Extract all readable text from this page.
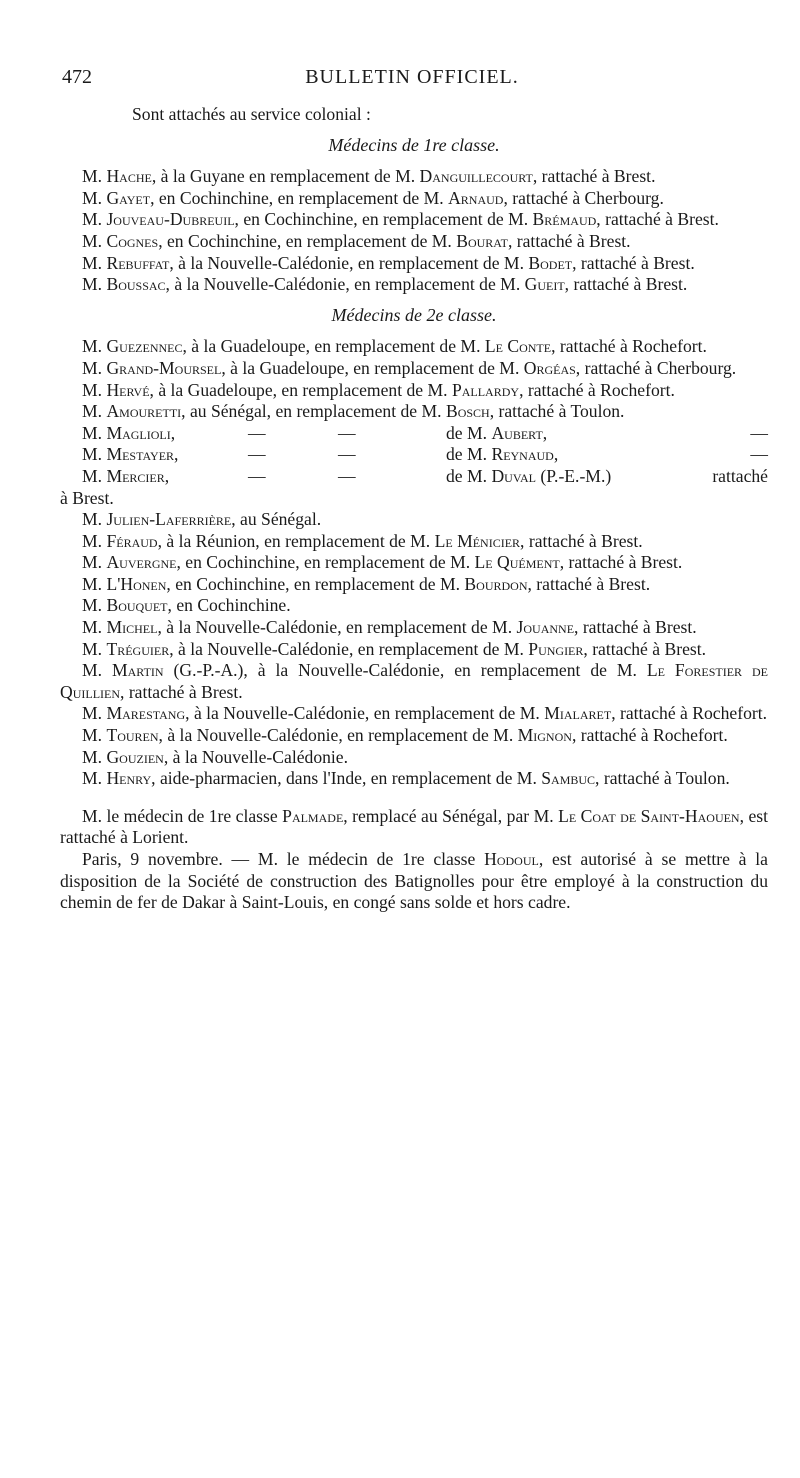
472	BULLETIN OFFICIEL.

Sont attachés au service colonial :

Médecins de 1re classe.

M. Hache, à la Guyane en remplacement de M. Danguillecourt, rattaché à Brest.

M. Gayet, en Cochinchine, en remplacement de M. Arnaud, rattaché à Cherbourg.

M. Jouveau-Dubreuil, en Cochinchine, en remplacement de M. Brémaud, rattaché à Brest.

M. Cognes, en Cochinchine, en remplacement de M. Bourat, rattaché à Brest.

M. Rebuffat, à la Nouvelle-Calédonie, en remplacement de M. Bodet, rattaché à Brest.

M. Boussac, à la Nouvelle-Calédonie, en remplacement de M. Gueit, rattaché à Brest.

Médecins de 2e classe.

M. Guezennec, à la Guadeloupe, en remplacement de M. Le Conte, rattaché à Rochefort.

M. Grand-Moursel, à la Guadeloupe, en remplacement de M. Orgéas, rattaché à Cherbourg.

M. Hervé, à la Guadeloupe, en remplacement de M. Pallardy, rattaché à Rochefort.

M. Amouretti, au Sénégal, en remplacement de M. Bosch, rattaché à Toulon.

M. Maglioli,	—	—	de M. Aubert,	—

M. Mestayer,	—	—	de M. Reynaud,	—

M. Mercier,	—	—	de M. Duval (P.-E.-M.)	rattaché

à Brest.

M. Julien-Laferrière, au Sénégal.

M. Féraud, à la Réunion, en remplacement de M. Le Ménicier, rattaché à Brest.

M. Auvergne, en Cochinchine, en remplacement de M. Le Quément, rattaché à Brest.

M. L'Honen, en Cochinchine, en remplacement de M. Bourdon, rattaché à Brest.

M. Bouquet, en Cochinchine.

M. Michel, à la Nouvelle-Calédonie, en remplacement de M. Jouanne, rattaché à Brest.

M. Tréguier, à la Nouvelle-Calédonie, en remplacement de M. Pungier, rattaché à Brest.

M. Martin (G.-P.-A.), à la Nouvelle-Calédonie, en remplacement de M. Le Forestier de Quillien, rattaché à Brest.

M. Marestang, à la Nouvelle-Calédonie, en remplacement de M. Mialaret, rattaché à Rochefort.

M. Touren, à la Nouvelle-Calédonie, en remplacement de M. Mignon, rattaché à Rochefort.

M. Gouzien, à la Nouvelle-Calédonie.

M. Henry, aide-pharmacien, dans l'Inde, en remplacement de M. Sambuc, rattaché à Toulon.

M. le médecin de 1re classe Palmade, remplacé au Sénégal, par M. Le Coat de Saint-Haouen, est rattaché à Lorient.

Paris, 9 novembre. — M. le médecin de 1re classe Hodoul, est autorisé à se mettre à la disposition de la Société de construction des Batignolles pour être employé à la construction du chemin de fer de Dakar à Saint-Louis, en congé sans solde et hors cadre.
